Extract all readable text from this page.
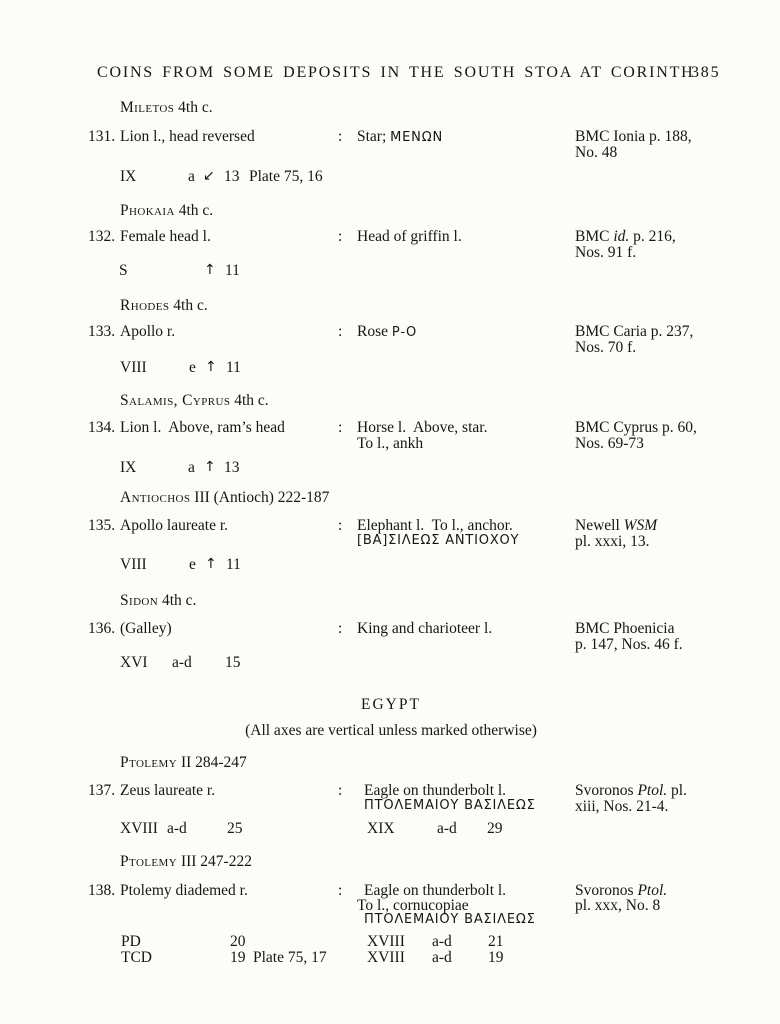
COINS FROM SOME DEPOSITS IN THE SOUTH STOA AT CORINTH
385
Miletos 4th c.
131. Lion l., head reversed	: Star; ΜΕΝΩΝ	BMC Ionia p. 188,
No. 48
IX	a ↙ 13 Plate 75, 16
Phokaia 4th c.
132. Female head l.	: Head of griffin l.	BMC id. p. 216,
Nos. 91 f.
S	↑ 11
Rhodes 4th c.
133. Apollo r.	: Rose Ρ-Ο	BMC Caria p. 237,
Nos. 70 f.
VIII	e ↑ 11
Salamis, Cyprus 4th c.
134. Lion l.  Above, ram’s head	: Horse l.  Above, star.
To l., ankh
BMC Cyprus p. 60,
Nos. 69-73
IX	a ↑ 13
Antiochos III (Antioch) 222-187
135. Apollo laureate r.	: Elephant l.  To l., anchor.
[ΒΑ]ΣΙΛΕΩΣ ΑΝΤΙΟΧΟΥ
Newell WSM
pl. xxxi, 13.
VIII	e ↑ 11
Sidon 4th c.
136. (Galley)	: King and charioteer l.	BMC Phoenicia
p. 147, Nos. 46 f.
XVI a-d 15
EGYPT
(All axes are vertical unless marked otherwise)
Ptolemy II 284-247
137. Zeus laureate r.	: Eagle on thunderbolt l.
ΠΤΟΛΕΜΑΙΟΥ ΒΑΣΙΛΕΩΣ
Svoronos Ptol. pl.
xiii, Nos. 21-4.
XVIII a-d	25	XIX	a-d 29
Ptolemy III 247-222
138. Ptolemy diademed r.	: Eagle on thunderbolt l.
To l., cornucopiae
ΠΤΟΛΕΜΑΙΟΥ ΒΑΣΙΛΕΩΣ
Svoronos Ptol.
pl. xxx, No. 8
PD	20	XVIII a-d 21
TCD	19 Plate 75, 17	XVIII a-d 19
